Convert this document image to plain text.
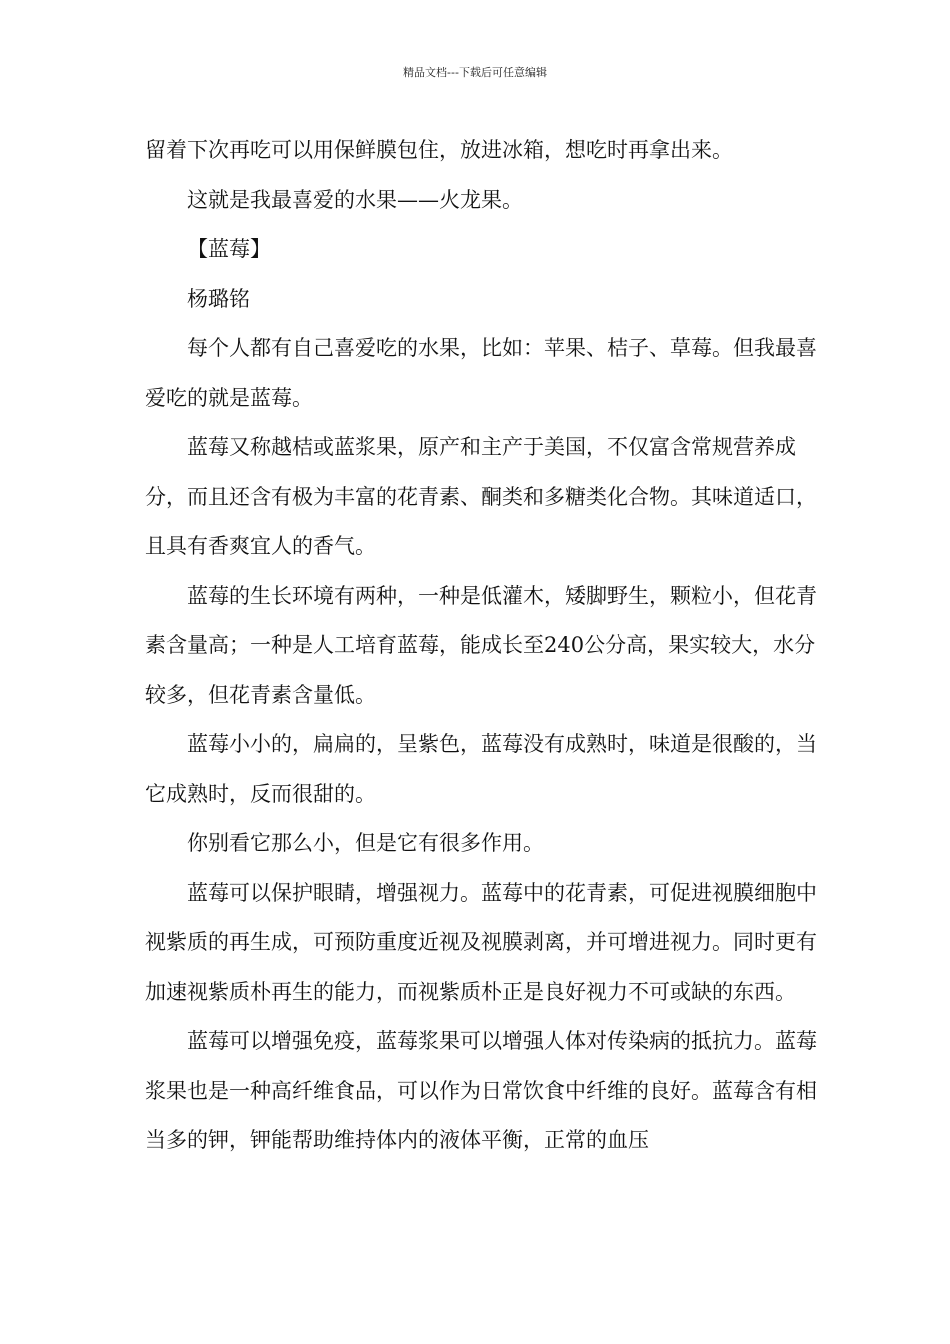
精品文档---下载后可任意编辑

留着下次再吃可以用保鲜膜包住，放进冰箱，想吃时再拿出来。

这就是我最喜爱的水果——火龙果。

【蓝莓】

杨璐铭

每个人都有自己喜爱吃的水果，比如：苹果、桔子、草莓。但我最喜爱吃的就是蓝莓。

蓝莓又称越桔或蓝浆果，原产和主产于美国，不仅富含常规营养成分，而且还含有极为丰富的花青素、酮类和多糖类化合物。其味道适口，且具有香爽宜人的香气。

蓝莓的生长环境有两种，一种是低灌木，矮脚野生，颗粒小，但花青素含量高；一种是人工培育蓝莓，能成长至240公分高，果实较大，水分较多，但花青素含量低。

蓝莓小小的，扁扁的，呈紫色，蓝莓没有成熟时，味道是很酸的，当它成熟时，反而很甜的。

你别看它那么小，但是它有很多作用。

蓝莓可以保护眼睛，增强视力。蓝莓中的花青素，可促进视膜细胞中视紫质的再生成，可预防重度近视及视膜剥离，并可增进视力。同时更有加速视紫质朴再生的能力，而视紫质朴正是良好视力不可或缺的东西。

蓝莓可以增强免疫，蓝莓浆果可以增强人体对传染病的抵抗力。蓝莓浆果也是一种高纤维食品，可以作为日常饮食中纤维的良好。蓝莓含有相当多的钾，钾能帮助维持体内的液体平衡，正常的血压
